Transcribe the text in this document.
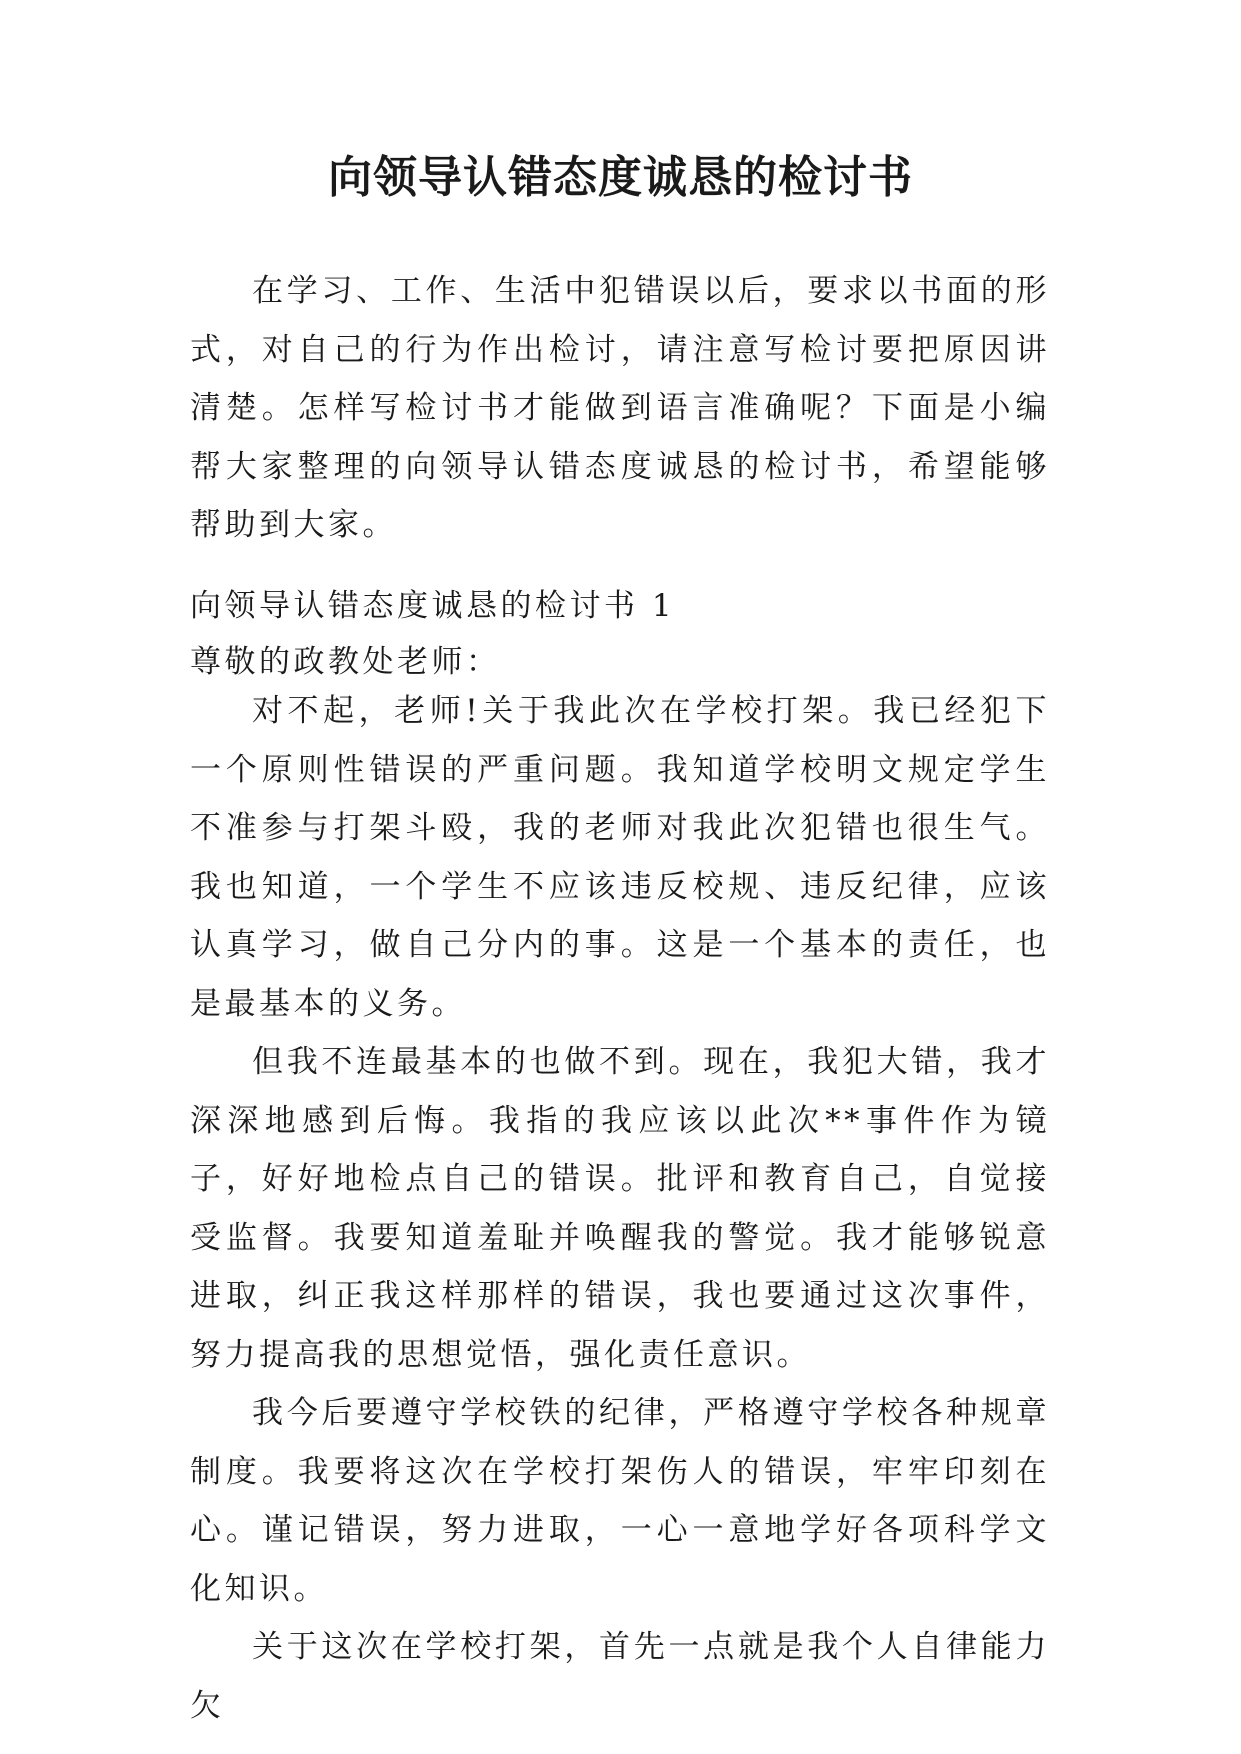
向领导认错态度诚恳的检讨书

在学习、工作、生活中犯错误以后，要求以书面的形式，对自己的行为作出检讨，请注意写检讨要把原因讲清楚。怎样写检讨书才能做到语言准确呢？下面是小编帮大家整理的向领导认错态度诚恳的检讨书，希望能够帮助到大家。

向领导认错态度诚恳的检讨书 1

尊敬的政教处老师：

对不起，老师!关于我此次在学校打架。我已经犯下一个原则性错误的严重问题。我知道学校明文规定学生不准参与打架斗殴，我的老师对我此次犯错也很生气。我也知道，一个学生不应该违反校规、违反纪律，应该认真学习，做自己分内的事。这是一个基本的责任，也是最基本的义务。

但我不连最基本的也做不到。现在，我犯大错，我才深深地感到后悔。我指的我应该以此次**事件作为镜子，好好地检点自己的错误。批评和教育自己，自觉接受监督。我要知道羞耻并唤醒我的警觉。我才能够锐意进取，纠正我这样那样的错误，我也要通过这次事件，努力提高我的思想觉悟，强化责任意识。

我今后要遵守学校铁的纪律，严格遵守学校各种规章制度。我要将这次在学校打架伤人的错误，牢牢印刻在心。谨记错误，努力进取，一心一意地学好各项科学文化知识。

关于这次在学校打架，首先一点就是我个人自律能力欠
